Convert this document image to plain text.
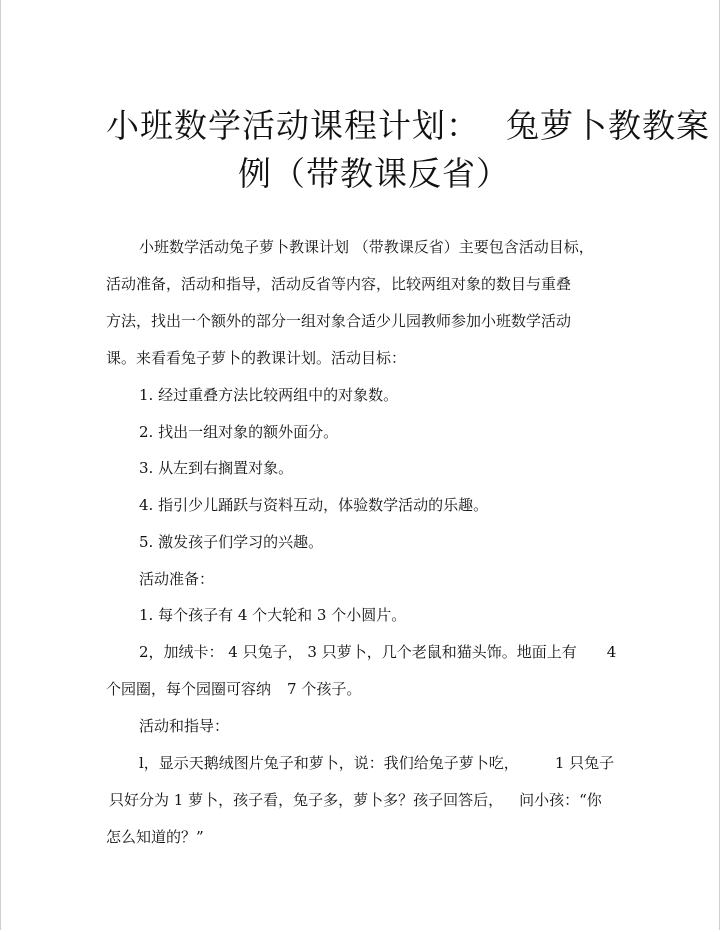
小班数学活动课程计划： 兔萝卜教教案
例（带教课反省）

小班数学活动兔子萝卜教课计划 （带教课反省）主要包含活动目标，

活动准备，活动和指导，活动反省等内容，比较两组对象的数目与重叠

方法，找出一个额外的部分一组对象合适少儿园教师参加小班数学活动

课。来看看兔子萝卜的教课计划。活动目标：

1. 经过重叠方法比较两组中的对象数。

2. 找出一组对象的额外面分。

3. 从左到右搁置对象。

4. 指引少儿踊跃与资料互动，体验数学活动的乐趣。

5. 激发孩子们学习的兴趣。

活动准备：

1. 每个孩子有 4 个大轮和 3 个小圆片。

2，加绒卡： 4 只兔子， 3 只萝卜，几个老鼠和猫头饰。地面上有 4

个园圈，每个园圈可容纳 7 个孩子。

活动和指导：

l，显示天鹅绒图片兔子和萝卜，说：我们给兔子萝卜吃， 1 只兔子

只好分为 1 萝卜，孩子看，兔子多，萝卜多？孩子回答后， 问小孩：“你

怎么知道的？”
